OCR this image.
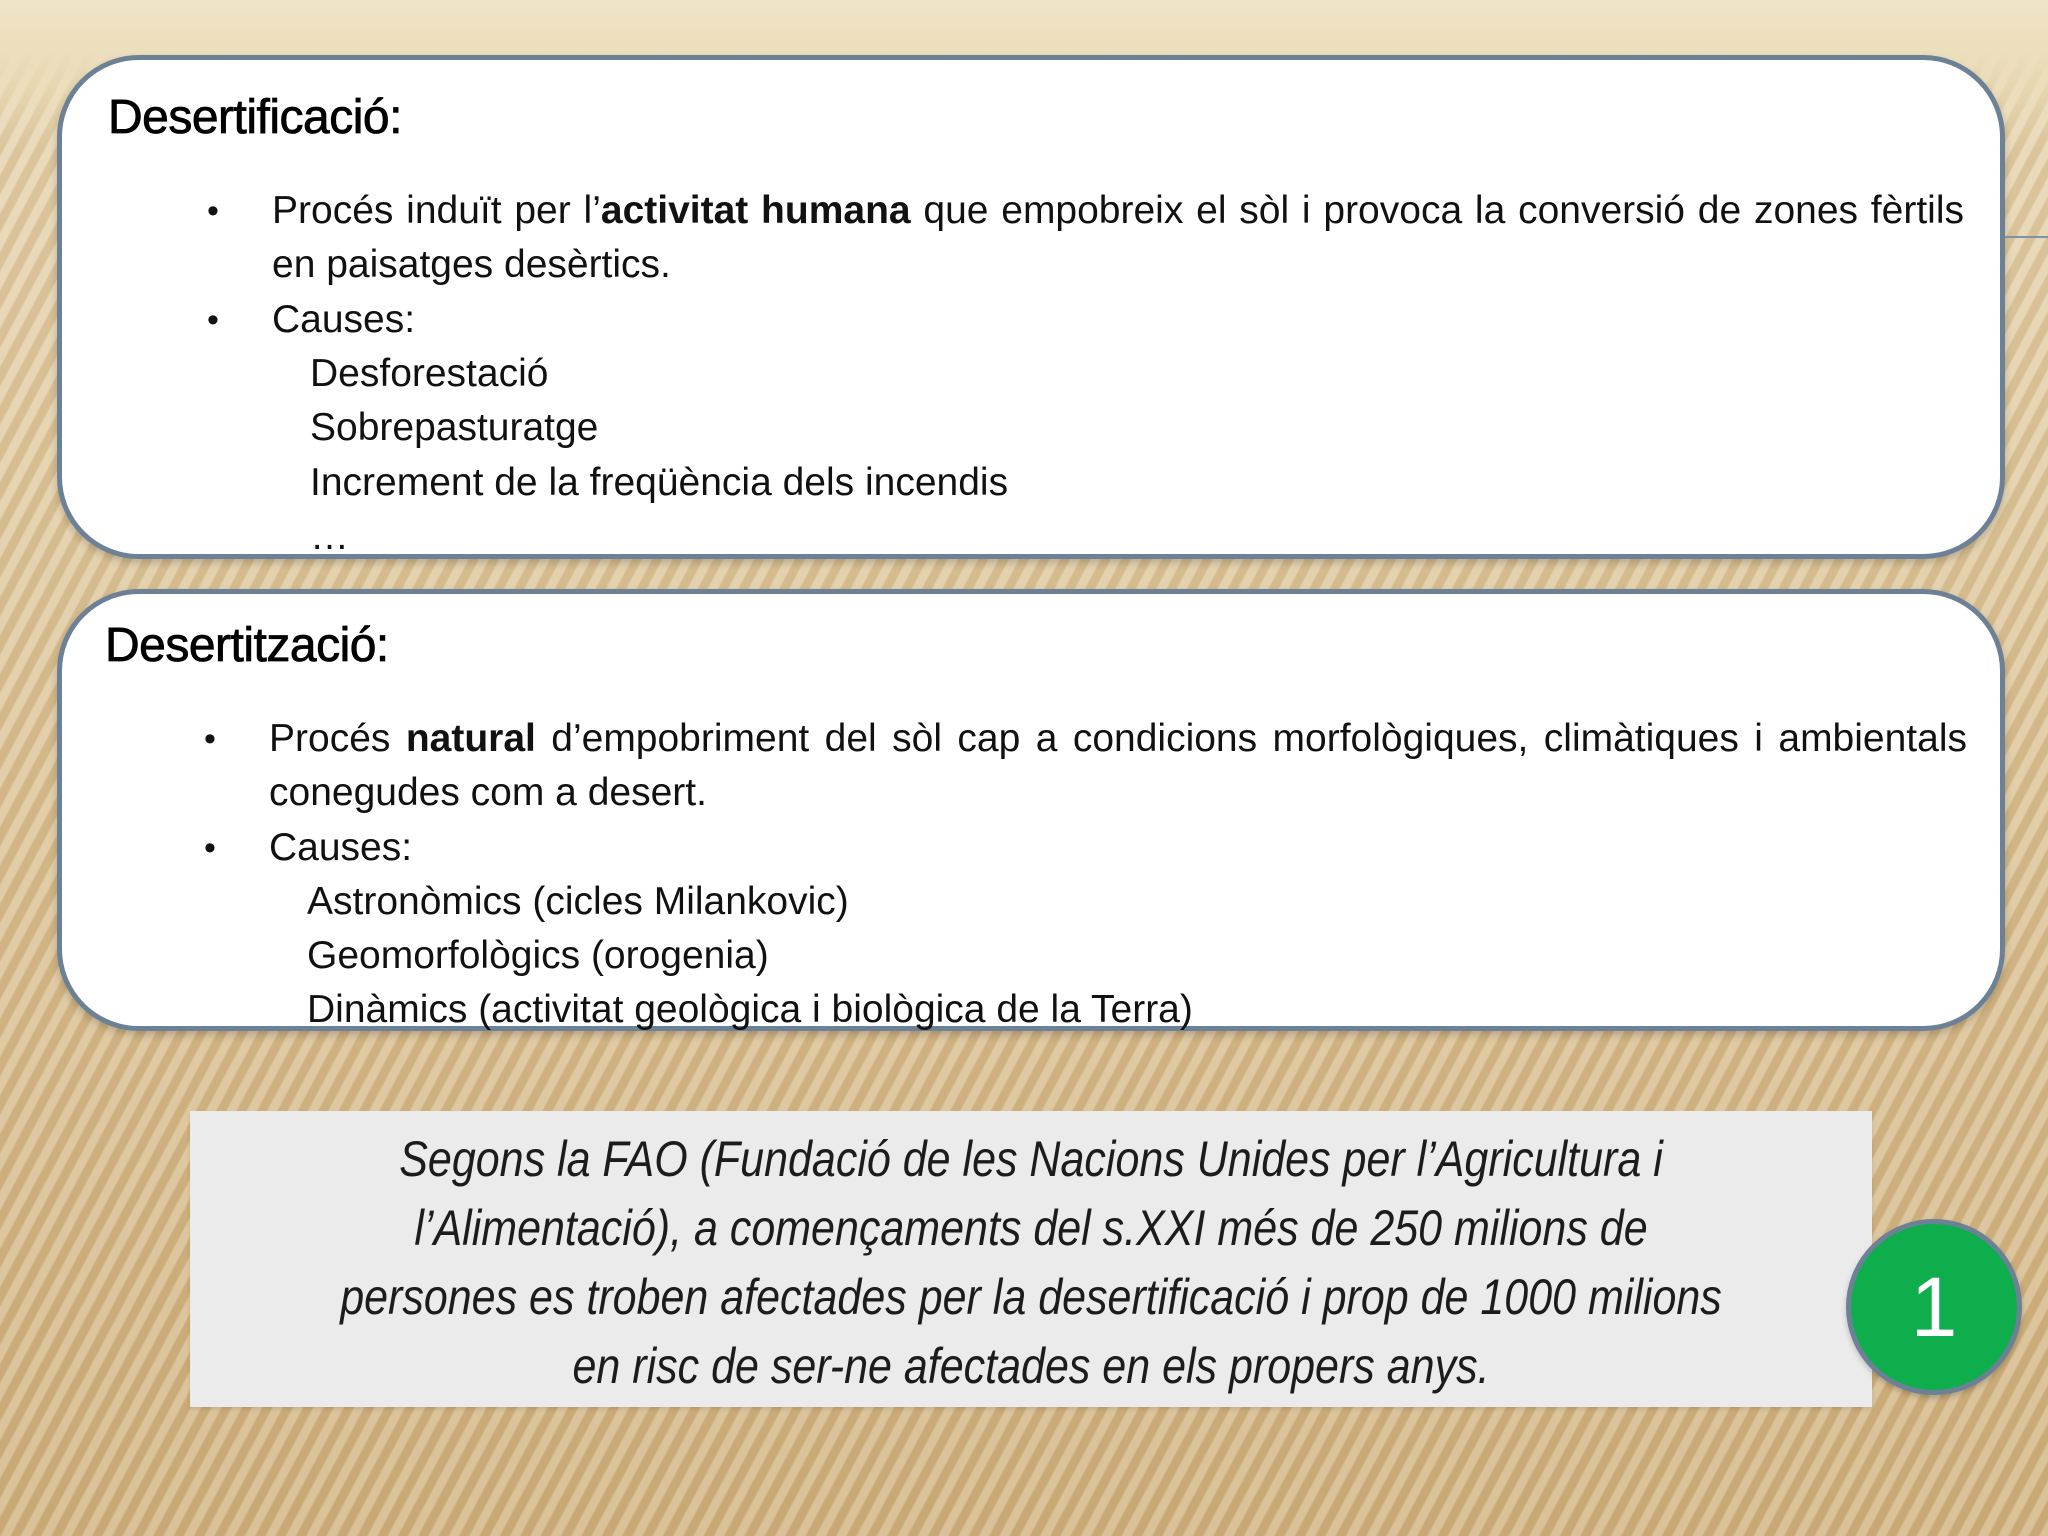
Desertificació:
• Procés induït per l’activitat humana que empobreix el sòl i provoca la conversió de zones fèrtils en paisatges desèrtics.
• Causes:
Desforestació
Sobrepasturatge
Increment de la freqüència dels incendis
…
Desertització:
• Procés natural d’empobriment del sòl cap a condicions morfològiques, climàtiques i ambientals conegudes com a desert.
• Causes:
Astronòmics (cicles Milankovic)
Geomorfològics (orogenia)
Dinàmics (activitat geològica i biològica de la Terra)

Segons la FAO (Fundació de les Nacions Unides per l’Agricultura i l’Alimentació), a començaments del s.XXI més de 250 milions de persones es troben afectades per la desertificació i prop de 1000 milions en risc de ser-ne afectades en els propers anys.

1
